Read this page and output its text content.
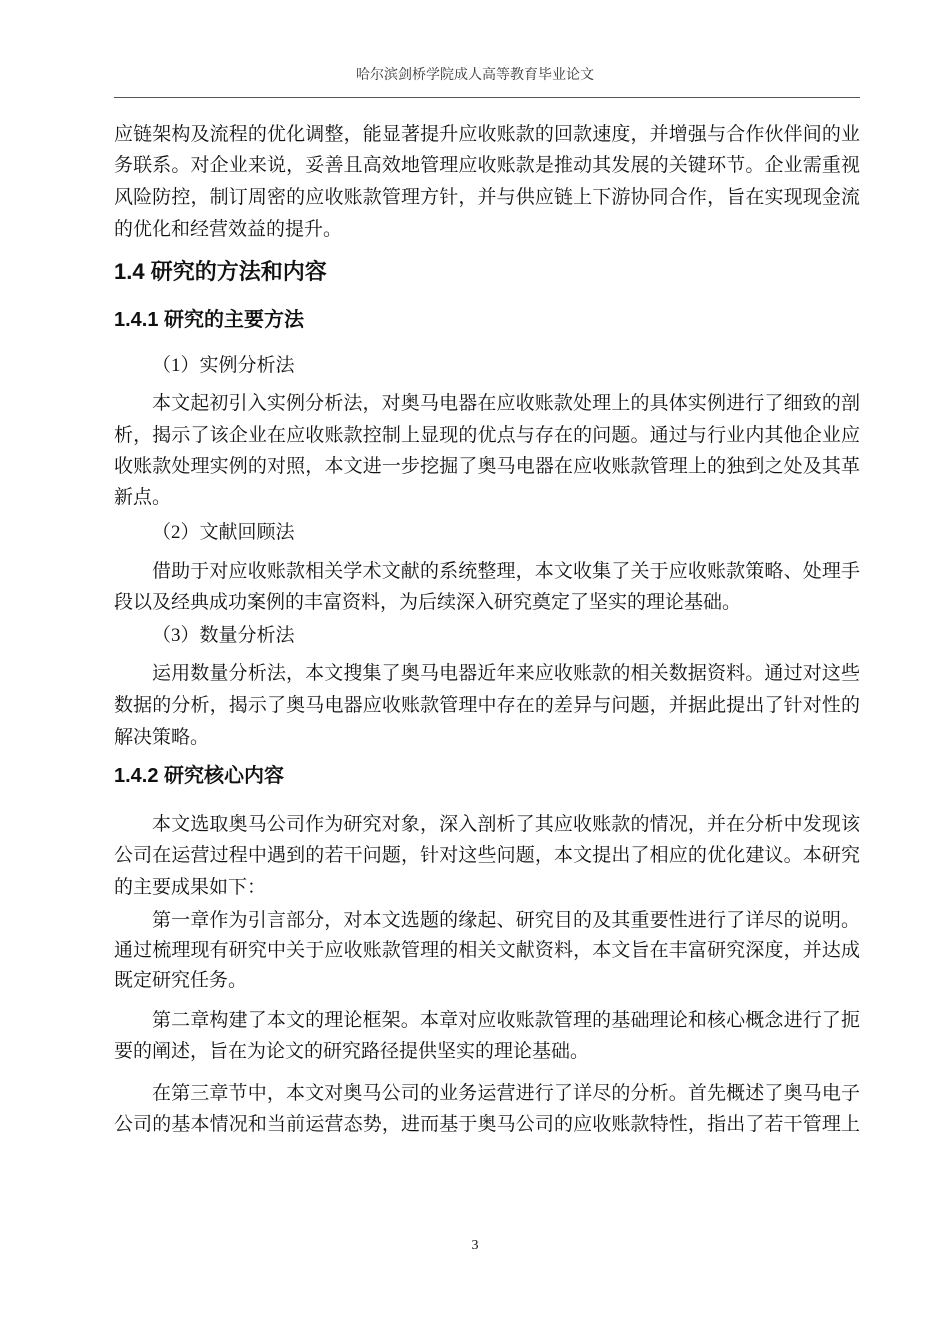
哈尔滨剑桥学院成人高等教育毕业论文
应链架构及流程的优化调整，能显著提升应收账款的回款速度，并增强与合作伙伴间的业
务联系。对企业来说，妥善且高效地管理应收账款是推动其发展的关键环节。企业需重视
风险防控，制订周密的应收账款管理方针，并与供应链上下游协同合作，旨在实现现金流
的优化和经营效益的提升。
本文起初引入实例分析法，对奥马电器在应收账款处理上的具体实例进行了细致的剖
析，揭示了该企业在应收账款控制上显现的优点与存在的问题。通过与行业内其他企业应
收账款处理实例的对照，本文进一步挖掘了奥马电器在应收账款管理上的独到之处及其革
新点。
借助于对应收账款相关学术文献的系统整理，本文收集了关于应收账款策略、处理手
段以及经典成功案例的丰富资料，为后续深入研究奠定了坚实的理论基础。
运用数量分析法，本文搜集了奥马电器近年来应收账款的相关数据资料。通过对这些
数据的分析，揭示了奥马电器应收账款管理中存在的差异与问题，并据此提出了针对性的
解决策略。
本文选取奥马公司作为研究对象，深入剖析了其应收账款的情况，并在分析中发现该
公司在运营过程中遇到的若干问题，针对这些问题，本文提出了相应的优化建议。本研究
的主要成果如下：
第一章作为引言部分，对本文选题的缘起、研究目的及其重要性进行了详尽的说明。
通过梳理现有研究中关于应收账款管理的相关文献资料，本文旨在丰富研究深度，并达成
既定研究任务。
第二章构建了本文的理论框架。本章对应收账款管理的基础理论和核心概念进行了扼
要的阐述，旨在为论文的研究路径提供坚实的理论基础。
在第三章节中，本文对奥马公司的业务运营进行了详尽的分析。首先概述了奥马电子
公司的基本情况和当前运营态势，进而基于奥马公司的应收账款特性，指出了若干管理上
1.4 研究的方法和内容
1.4.1 研究的主要方法
（1）实例分析法
（2）文献回顾法
（3）数量分析法
1.4.2 研究核心内容
3
